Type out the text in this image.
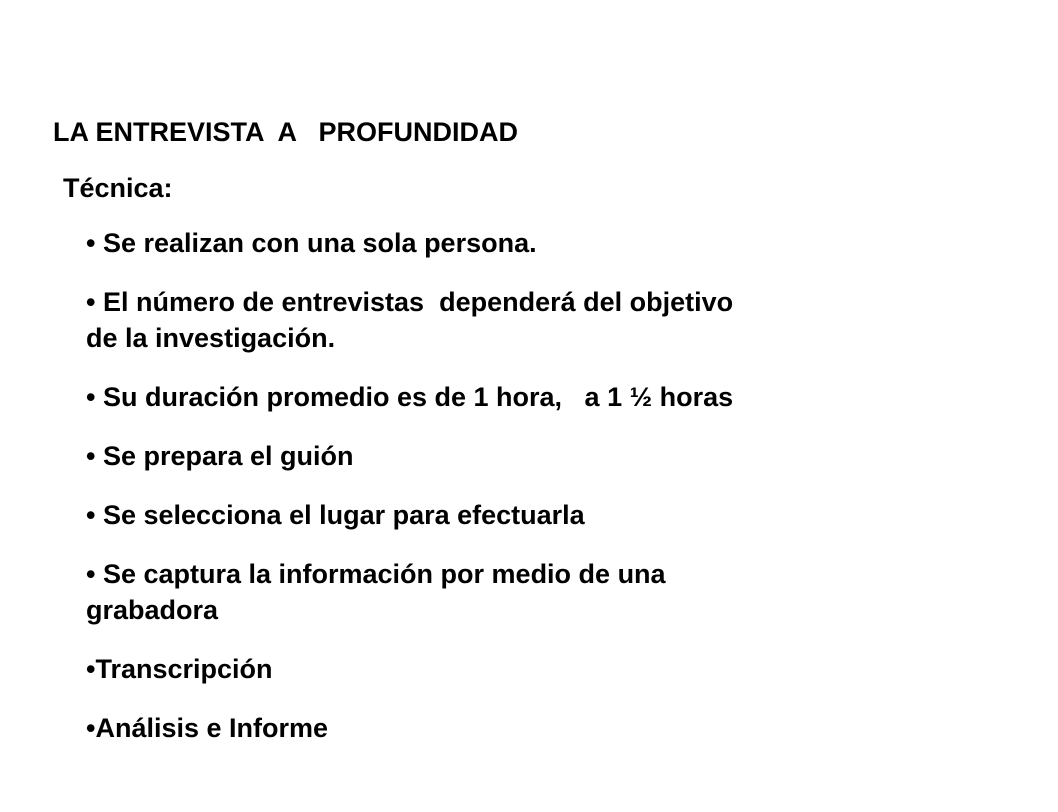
LA ENTREVISTA  A   PROFUNDIDAD
Técnica:
• Se realizan con una sola persona.
• El número de entrevistas  dependerá del objetivo
de la investigación.
• Su duración promedio es de 1 hora,   a 1 ½ horas
• Se prepara el guión
• Se selecciona el lugar para efectuarla
• Se captura la información por medio de una
grabadora
•Transcripción
•Análisis e Informe
